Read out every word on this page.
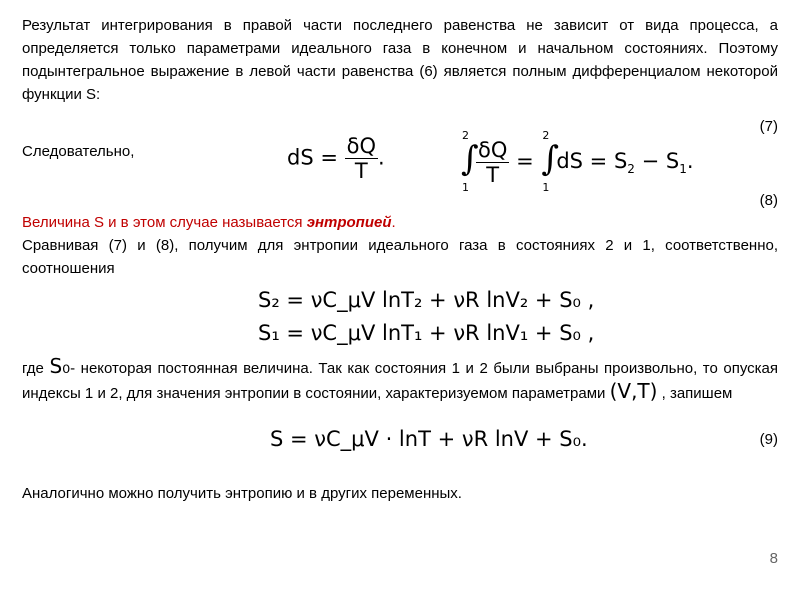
Результат интегрирования в правой части последнего равенства не зависит от вида процесса, а определяется только параметрами идеального газа в конечном и начальном состояниях. Поэтому подынтегральное выражение в левой части равенства (6) является полным дифференциалом некоторой функции S:
(7)
dS = $\frac{\delta Q}{T}$ .
Следовательно,
2
∫
1
$\frac{\delta Q}{T}$ =
2
∫
1
dS = $S_2 - S_1$.
(8)
Величина S и в этом случае называется энтропией.
Сравнивая (7) и (8), получим для энтропии идеального газа в состояниях 2 и 1, соответственно, соотношения
S₂ = νC_μV lnT₂ + νR lnV₂ + S₀ ,
S₁ = νC_μV lnT₁ + νR lnV₁ + S₀ ,
где S₀- некоторая постоянная величина. Так как состояния 1 и 2 были выбраны произвольно, то опуская индексы 1 и 2, для значения энтропии в состоянии, характеризуемом параметрами (V,T) , запишем
S = νC_μV · lnT + νR lnV + S₀.	(9)
Аналогично можно получить энтропию и в других переменных.
8
